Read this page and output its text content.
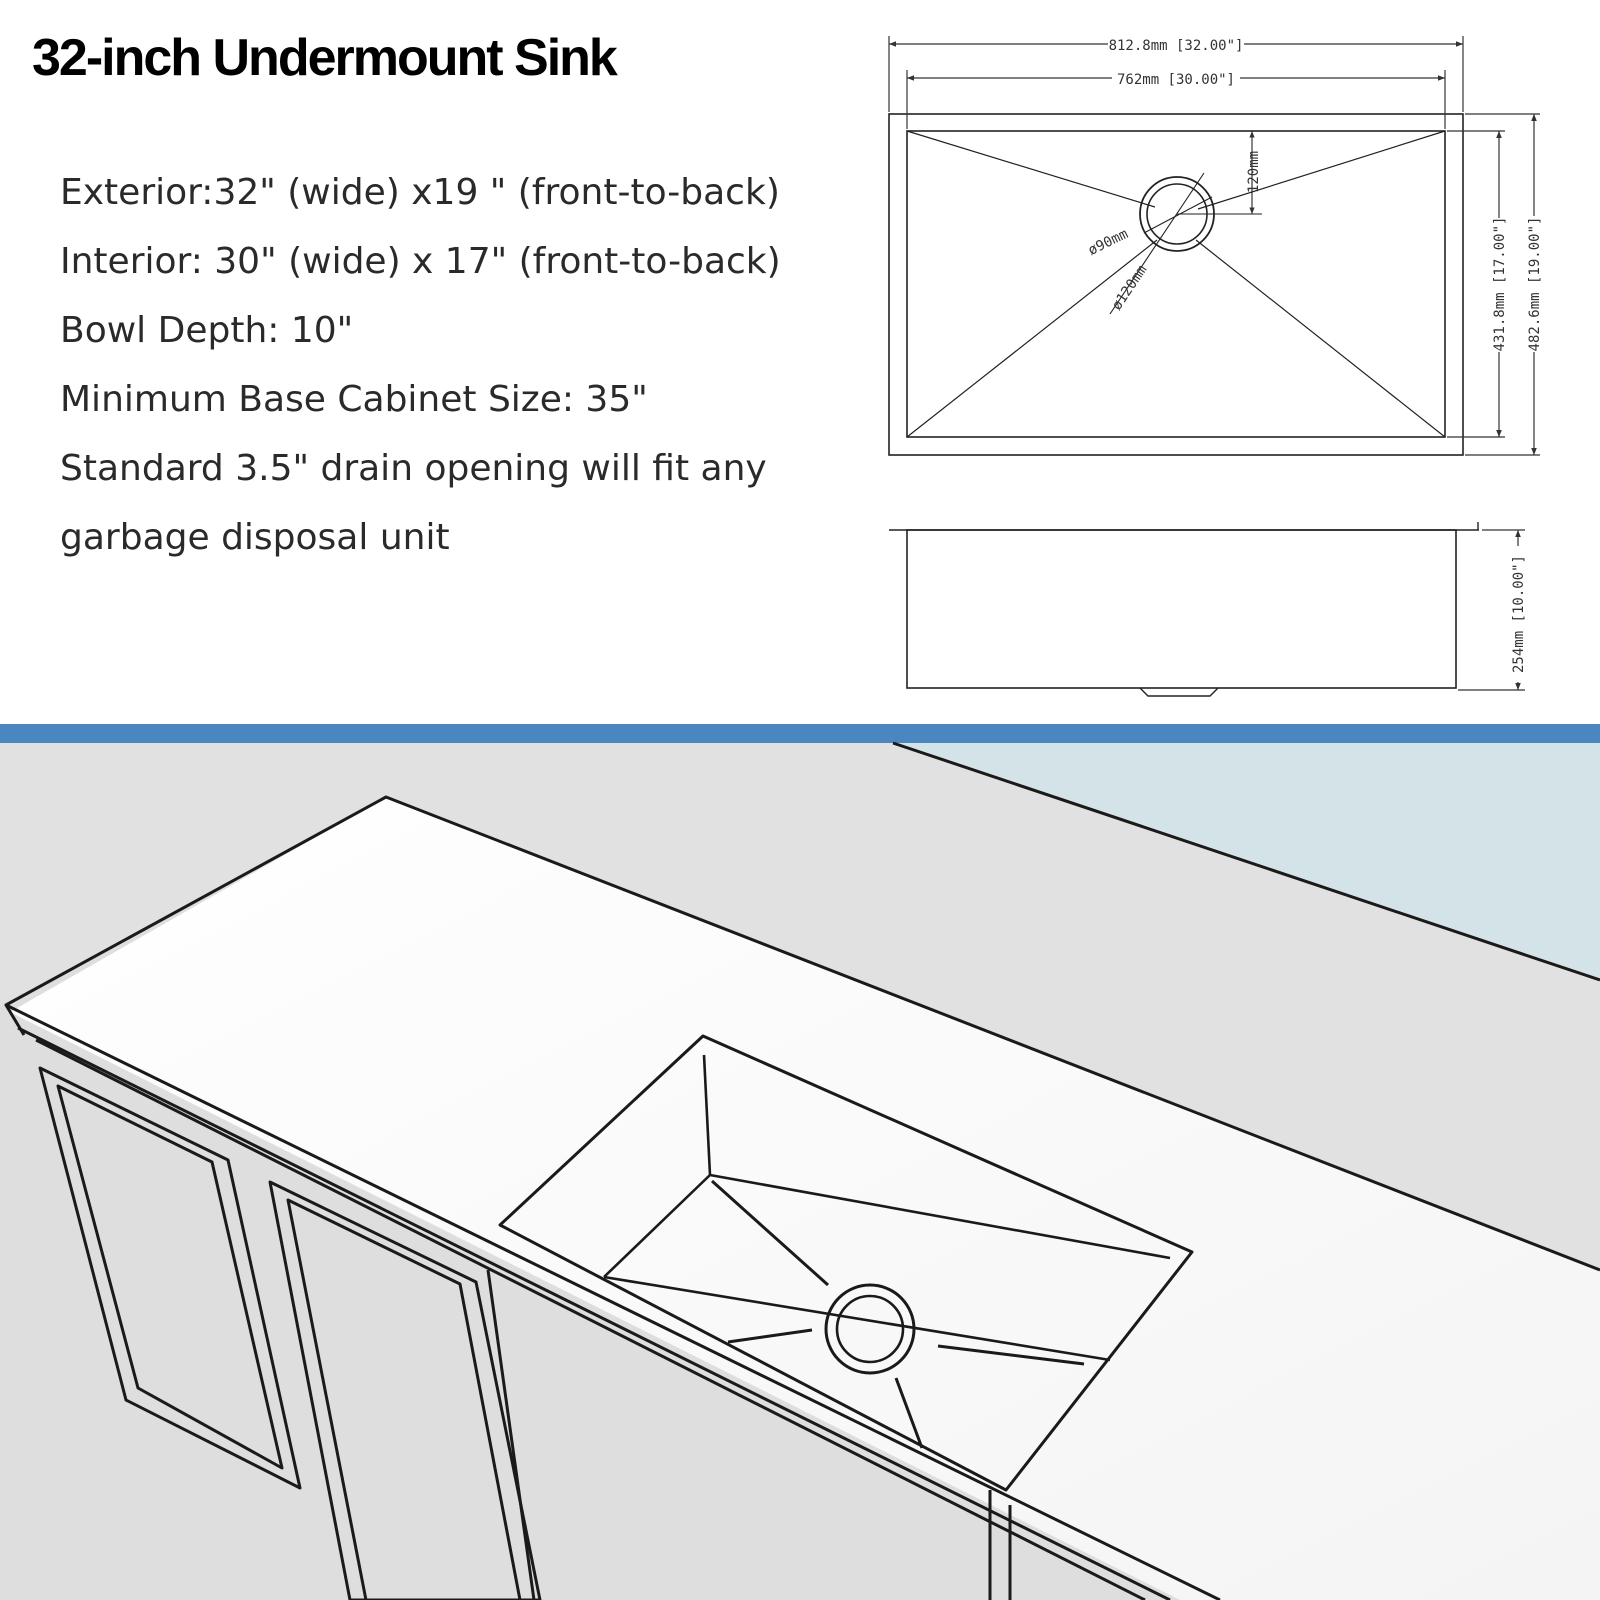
32-inch Undermount Sink
Exterior:32" (wide) x19 " (front-to-back)
Interior: 30" (wide) x 17" (front-to-back)
Bowl Depth: 10"
Minimum Base Cabinet Size: 35"
Standard 3.5" drain opening will fit any
garbage disposal unit
812.8mm [32.00"]
762mm [30.00"]
431.8mm [17.00"] 482.6mm [19.00"]
120mm
ø90mm
ø120mm
254mm [10.00"]
